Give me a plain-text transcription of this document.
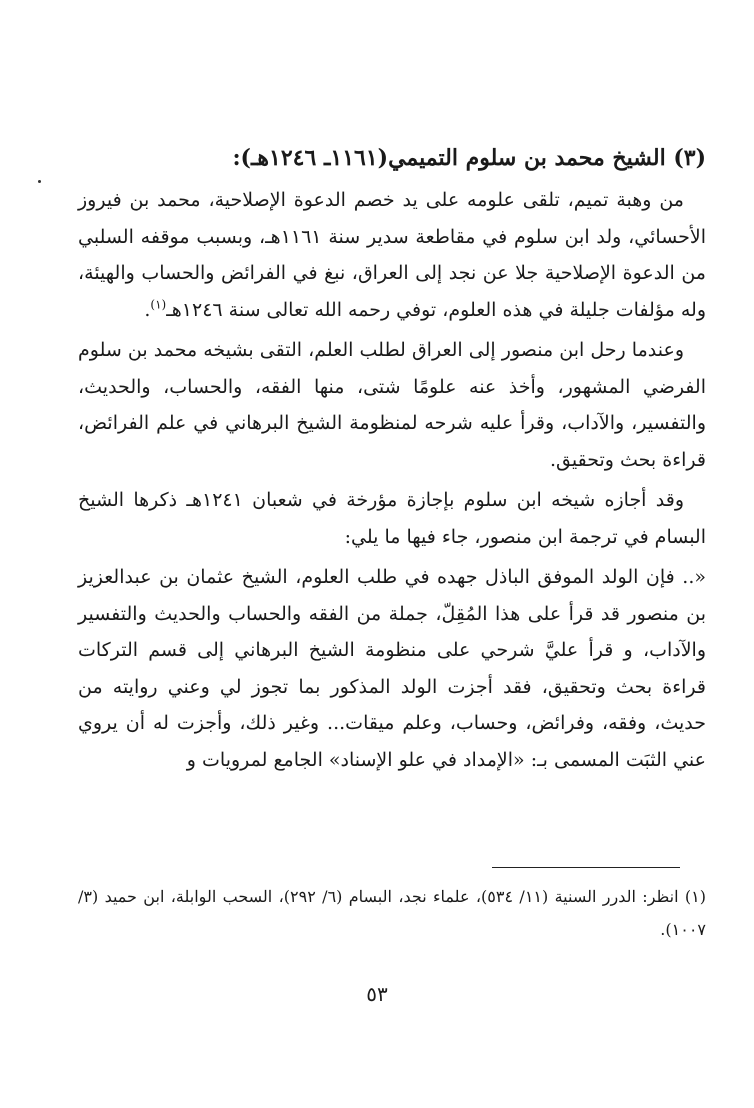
(٣) الشيخ محمد بن سلوم التميمي(١١٦١ـ ١٢٤٦هـ):

من وهبة تميم، تلقى علومه على يد خصم الدعوة الإصلاحية، محمد بن فيروز الأحسائي، ولد ابن سلوم في مقاطعة سدير سنة ١١٦١هـ، وبسبب موقفه السلبي من الدعوة الإصلاحية جلا عن نجد إلى العراق، نبغ في الفرائض والحساب والهيئة، وله مؤلفات جليلة في هذه العلوم، توفي رحمه الله تعالى سنة ١٢٤٦هـ$^{(١)}$.

وعندما رحل ابن منصور إلى العراق لطلب العلم، التقى بشيخه محمد بن سلوم الفرضي المشهور، وأخذ عنه علومًا شتى، منها الفقه، والحساب، والحديث، والتفسير، والآداب، وقرأ عليه شرحه لمنظومة الشيخ البرهاني في علم الفرائض، قراءة بحث وتحقيق.

وقد أجازه شيخه ابن سلوم بإجازة مؤرخة في شعبان ١٢٤١هـ ذكرها الشيخ البسام في ترجمة ابن منصور، جاء فيها ما يلي:

«.. فإن الولد الموفق الباذل جهده في طلب العلوم، الشيخ عثمان بن عبدالعزيز بن منصور قد قرأ على هذا المُقِلّ، جملة من الفقه والحساب والحديث والتفسير والآداب، و قرأ عليَّ شرحي على منظومة الشيخ البرهاني إلى قسم التركات قراءة بحث وتحقيق، فقد أجزت الولد المذكور بما تجوز لي وعني روايته من حديث، وفقه، وفرائض، وحساب، وعلم ميقات... وغير ذلك، وأجزت له أن يروي عني الثبَت المسمى بـ: «الإمداد في علو الإسناد» الجامع لمرويات و

(١) انظر: الدرر السنية (١١/ ٥٣٤)، علماء نجد، البسام (٦/ ٢٩٢)، السحب الوابلة، ابن حميد (٣/ ١٠٠٧).
٥٣
